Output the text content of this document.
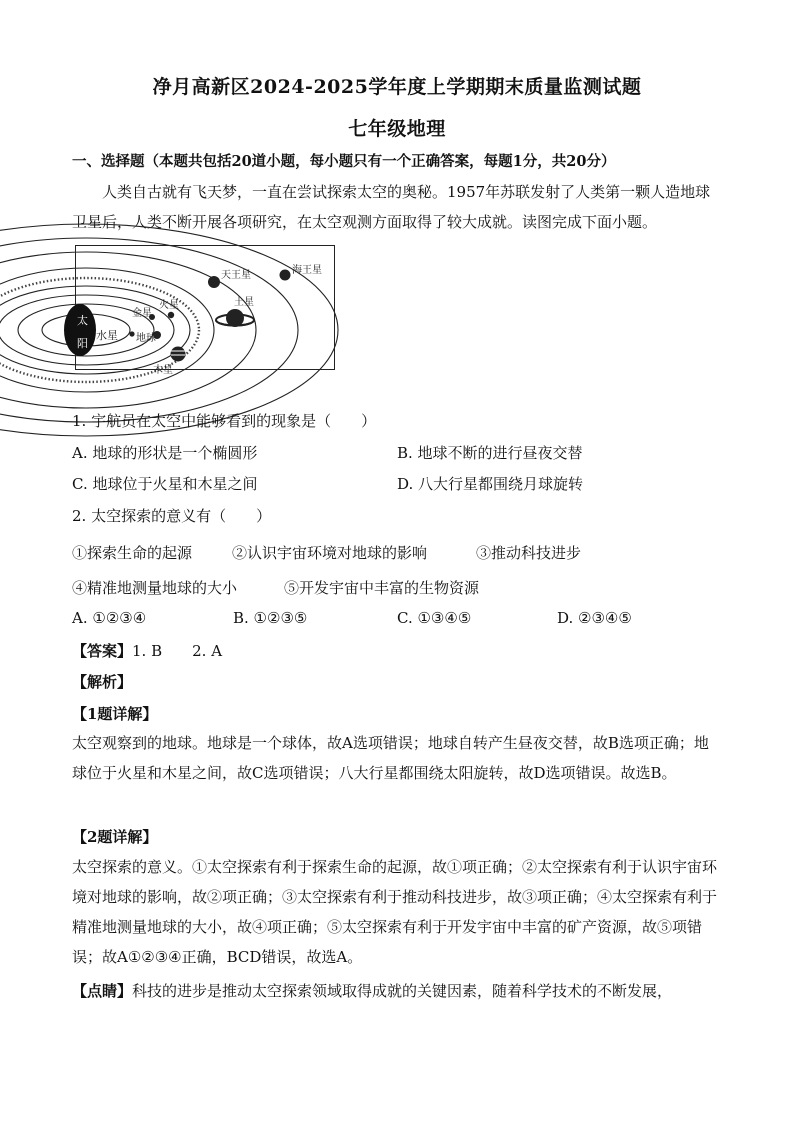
净月高新区2024-2025学年度上学期期末质量监测试题
七年级地理
一、选择题（本题共包括20道小题，每小题只有一个正确答案，每题1分，共20分）
人类自古就有飞天梦，一直在尝试探索太空的奥秘。1957年苏联发射了人类第一颗人造地球卫星后，人类不断开展各项研究，在太空观测方面取得了较大成就。读图完成下面小题。
太
阳
水星
金星
地球
火星
木星
土星
天王星	海王星
1. 宇航员在太空中能够看到的现象是（　　）
A. 地球的形状是一个椭圆形	B. 地球不断的进行昼夜交替
C. 地球位于火星和木星之间	D. 八大行星都围绕月球旋转
2. 太空探索的意义有（　　）
①探索生命的起源	②认识宇宙环境对地球的影响	③推动科技进步
④精准地测量地球的大小	⑤开发宇宙中丰富的生物资源
A. ①②③④	B. ①②③⑤	C. ①③④⑤	D. ②③④⑤
【答案】1. B　　2. A
【解析】
【1题详解】
太空观察到的地球。地球是一个球体，故A选项错误；地球自转产生昼夜交替，故B选项正确；地球位于火星和木星之间，故C选项错误；八大行星都围绕太阳旋转，故D选项错误。故选B。
【2题详解】
太空探索的意义。①太空探索有利于探索生命的起源，故①项正确；②太空探索有利于认识宇宙环境对地球的影响，故②项正确；③太空探索有利于推动科技进步，故③项正确；④太空探索有利于精准地测量地球的大小，故④项正确；⑤太空探索有利于开发宇宙中丰富的矿产资源，故⑤项错误；故A①②③④正确，BCD错误，故选A。
【点睛】科技的进步是推动太空探索领域取得成就的关键因素，随着科学技术的不断发展，
